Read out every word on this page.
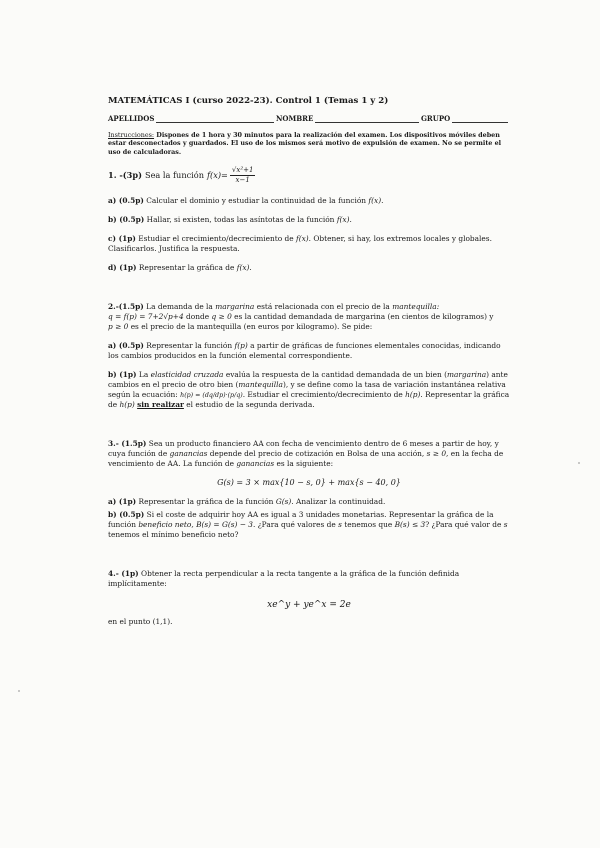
MATEMÁTICAS I (curso 2022-23). Control 1 (Temas 1 y 2)
APELLIDOS	NOMBRE	GRUPO
Instrucciones: Dispones de 1 hora y 30 minutos para la realización del examen. Los dispositivos móviles deben estar desconectados y guardados. El uso de los mismos será motivo de expulsión de examen. No se permite el uso de calculadoras.
1. -(3p) Sea la función $f(x)= \frac{\text{√x²+1}}{x-1}$

a) (0.5p) Calcular el dominio y estudiar la continuidad de la función f(x).

b) (0.5p) Hallar, si existen, todas las asíntotas de la función f(x).

c) (1p) Estudiar el crecimiento/decrecimiento de f(x). Obtener, si hay, los extremos locales y globales. Clasificarlos. Justifica la respuesta.

d) (1p) Representar la gráfica de f(x).

2.-(1.5p) La demanda de la margarina está relacionada con el precio de la mantequilla:
q = f(p) = 7+2√p+4 donde q ≥ 0 es la cantidad demandada de margarina (en cientos de kilogramos) y
p ≥ 0 es el precio de la mantequilla (en euros por kilogramo). Se pide:

a) (0.5p) Representar la función f(p) a partir de gráficas de funciones elementales conocidas, indicando los cambios producidos en la función elemental correspondiente.

b) (1p) La elasticidad cruzada evalúa la respuesta de la cantidad demandada de un bien (margarina) ante cambios en el precio de otro bien (mantequilla), y se define como la tasa de variación instantánea relativa según la ecuación: h(p) = (dq/dp)·(p/q). Estudiar el crecimiento/decrecimiento de h(p). Representar la gráfica de h(p) sin realizar el estudio de la segunda derivada.

3.- (1.5p) Sea un producto financiero AA con fecha de vencimiento dentro de 6 meses a partir de hoy, y cuya función de ganancias depende del precio de cotización en Bolsa de una acción, s ≥ 0, en la fecha de vencimiento de AA. La función de ganancias es la siguiente:

G(s) = 3 × max{10 − s, 0} + max{s − 40, 0}

a) (1p) Representar la gráfica de la función G(s). Analizar la continuidad.

b) (0.5p) Si el coste de adquirir hoy AA es igual a 3 unidades monetarias. Representar la gráfica de la función beneficio neto, B(s) = G(s) − 3. ¿Para qué valores de s tenemos que B(s) ≤ 3? ¿Para qué valor de s tenemos el mínimo beneficio neto?

4.- (1p) Obtener la recta perpendicular a la recta tangente a la gráfica de la función definida implícitamente:

xe^y + ye^x = 2e

en el punto (1,1).
